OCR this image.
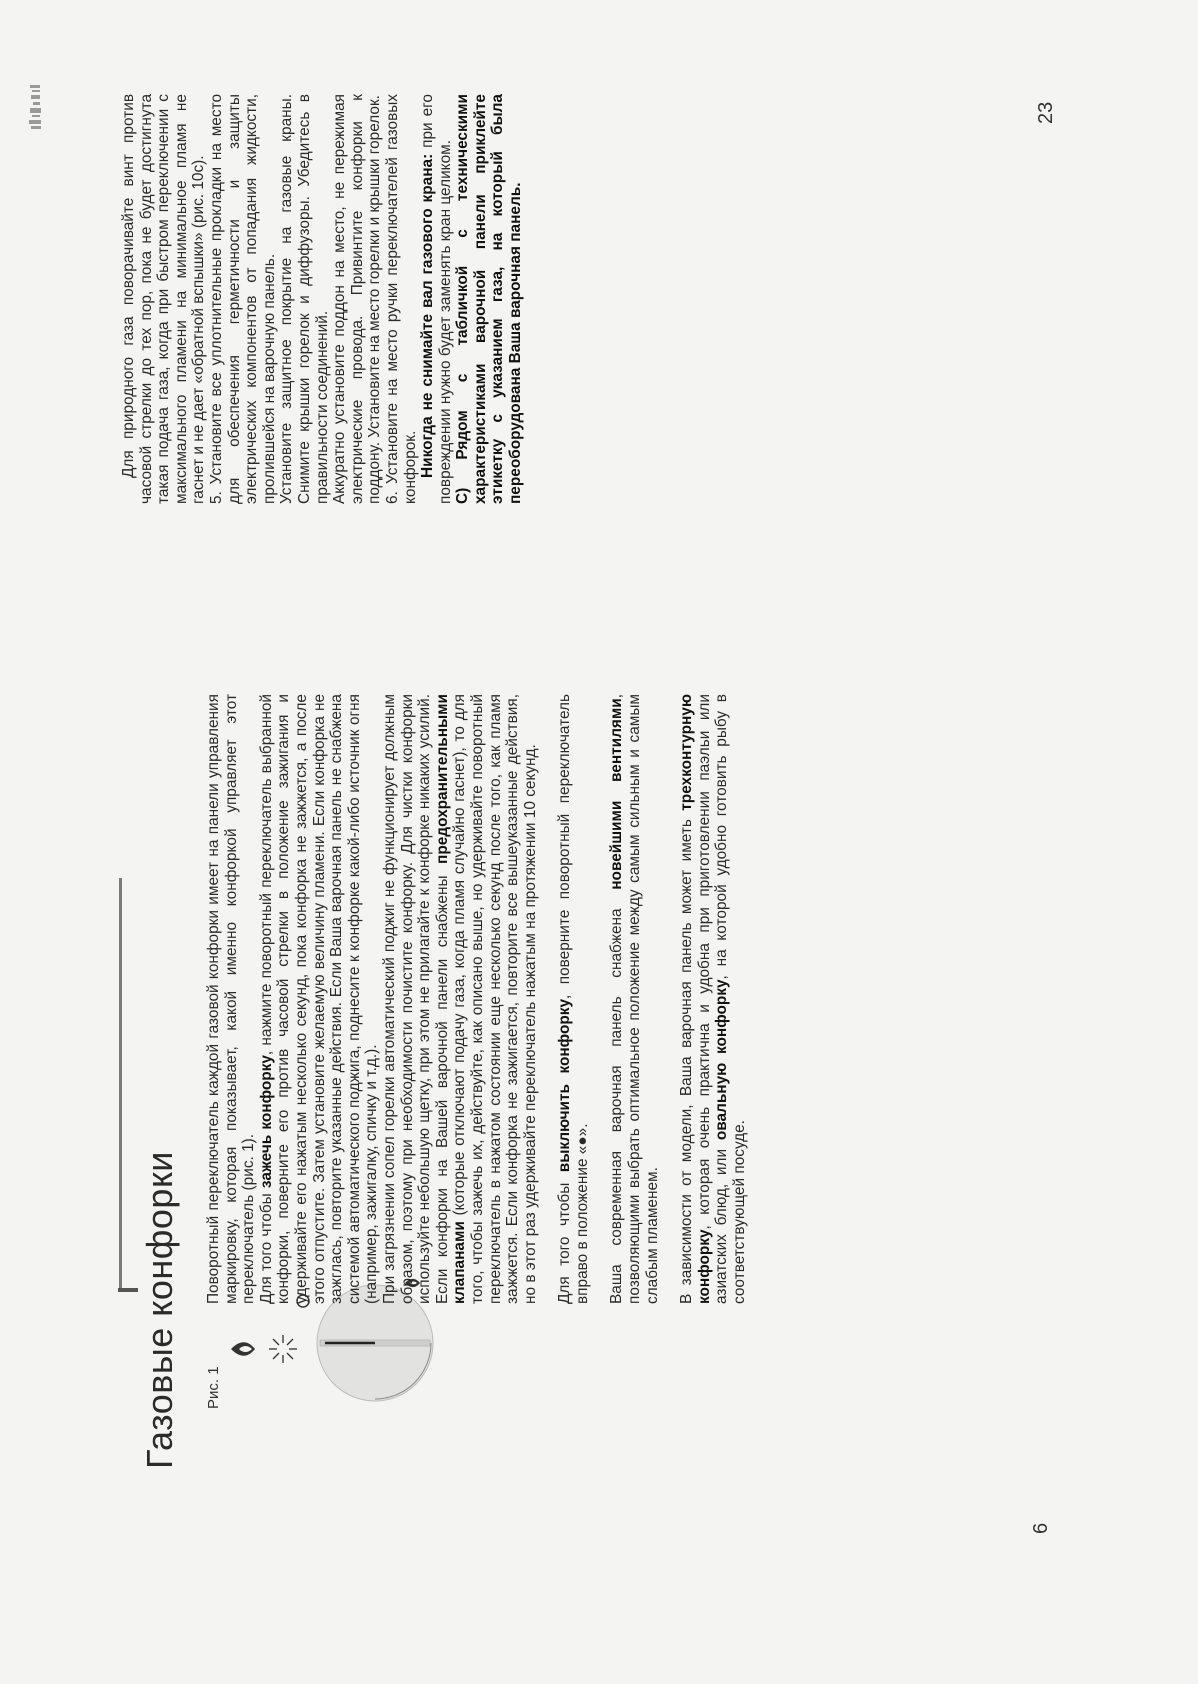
Газовые конфорки Рис. 1

Поворотный переключатель каждой газовой конфорки имеет на панели управления маркировку, которая показывает, какой именно конфоркой управляет этот переключатель (рис. 1). Для того чтобы зажечь конфорку, нажмите поворотный переключатель выбранной конфорки, поверните его против часовой стрелки в положение зажигания и удерживайте его нажатым несколько секунд, пока конфорка не зажжется, а после этого отпустите. Затем установите желаемую величину пламени. Если конфорка не зажглась, повторите указанные действия. Если Ваша варочная панель не снабжена системой автоматического поджига, поднесите к конфорке какой-либо источник огня (например, зажигалку, спичку и т.д.). При загрязнении сопел горелки автоматический поджиг не функционирует должным образом, поэтому при необходимости почистите конфорку. Для чистки конфорки используйте небольшую щетку, при этом не прилагайте к конфорке никаких усилий. Если конфорки на Вашей варочной панели снабжены предохранительными клапанами (которые отключают подачу газа, когда пламя случайно гаснет), то для того, чтобы зажечь их, действуйте, как описано выше, но удерживайте поворотный переключатель в нажатом состоянии еще несколько секунд после того, как пламя зажжется. Если конфорка не зажигается, повторите все вышеуказанные действия, но в этот раз удерживайте переключатель нажатым на протяжении 10 секунд. Для того чтобы выключить конфорку, поверните поворотный переключатель вправо в положение «●». Ваша современная варочная панель снабжена новейшими вентилями, позволяющими выбрать оптимальное положение между самым сильным и самым слабым пламенем. В зависимости от модели, Ваша варочная панель может иметь трехконтурную конфорку, которая очень практична и удобна при приготовлении паэльи или азиатских блюд, или овальную конфорку, на которой удобно готовить рыбу в соответствующей посуде.

6

Для природного газа поворачивайте винт против часовой стрелки до тех пор, пока не будет достигнута такая подача газа, когда при быстром переключении с максимального пламени на минимальное пламя не гаснет и не дает «обратной вспышки» (рис. 10c). 5. Установите все уплотнительные прокладки на место для обеспечения герметичности и защиты электрических компонентов от попадания жидкости, пролившейся на варочную панель. Установите защитное покрытие на газовые краны. Снимите крышки горелок и диффузоры. Убедитесь в правильности соединений. Аккуратно установите поддон на место, не пережимая электрические провода. Привинтите конфорки к поддону. Установите на место горелки и крышки горелок. 6. Установите на место ручки переключателей газовых конфорок. Никогда не снимайте вал газового крана: при его повреждении нужно будет заменять кран целиком. C) Рядом с табличкой с техническими характеристиками варочной панели приклейте этикетку с указанием газа, на который была переоборудована Ваша варочная панель.

23
